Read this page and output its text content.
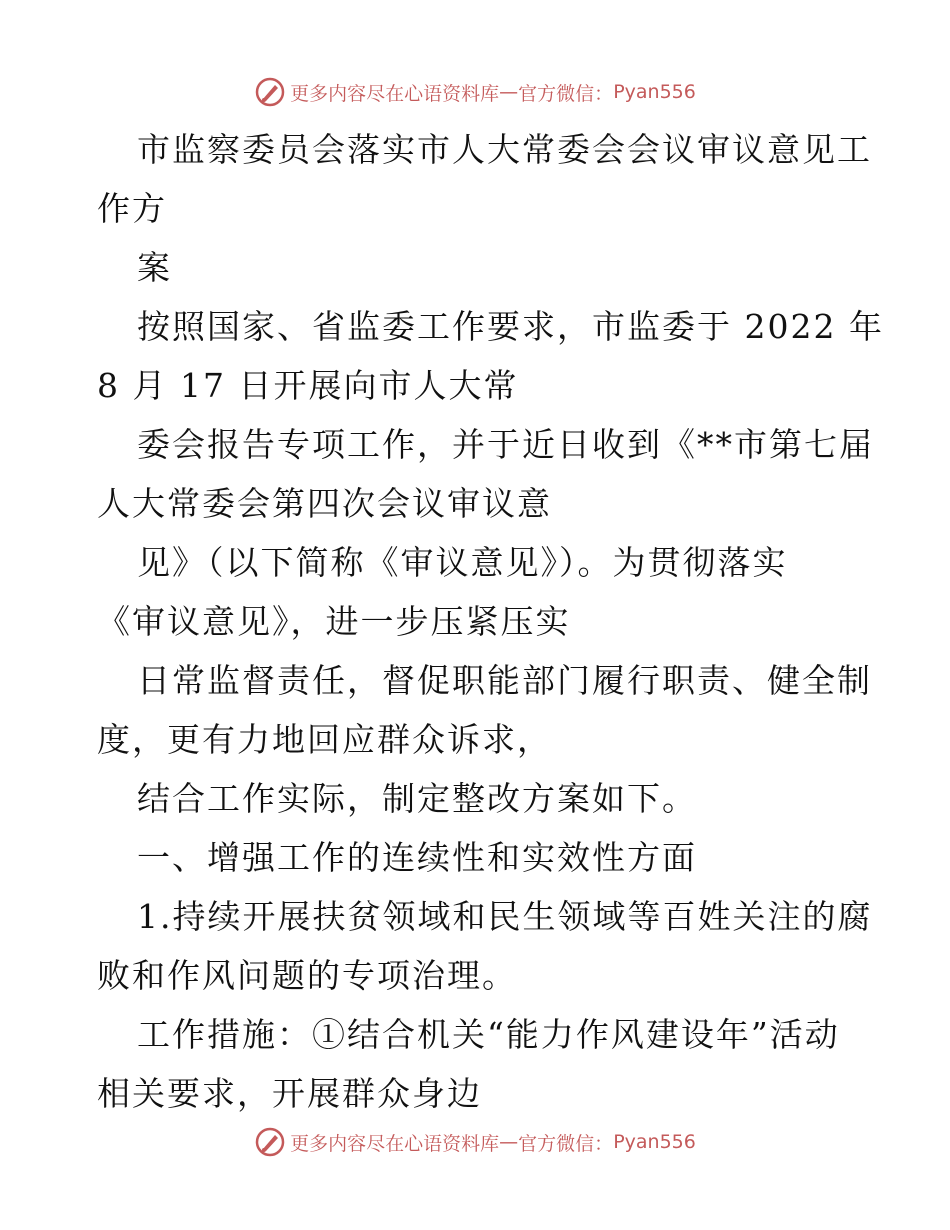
更多内容尽在心语资料库 — 官方微信： Pyan556

市监察委员会落实市人大常委会会议审议意见工

作方

案

按照国家、省监委工作要求，市监委于 2022 年

8 月 17 日开展向市人大常

委会报告专项工作，并于近日收到《**市第七届

人大常委会第四次会议审议意

见》（以下简称《审议意见》）。为贯彻落实

《审议意见》，进一步压紧压实

日常监督责任，督促职能部门履行职责、健全制

度，更有力地回应群众诉求，

结合工作实际，制定整改方案如下。

一、增强工作的连续性和实效性方面

1.持续开展扶贫领域和民生领域等百姓关注的腐

败和作风问题的专项治理。

工作措施：①结合机关“能力作风建设年”活动

相关要求，开展群众身边

更多内容尽在心语资料库 — 官方微信： Pyan556
